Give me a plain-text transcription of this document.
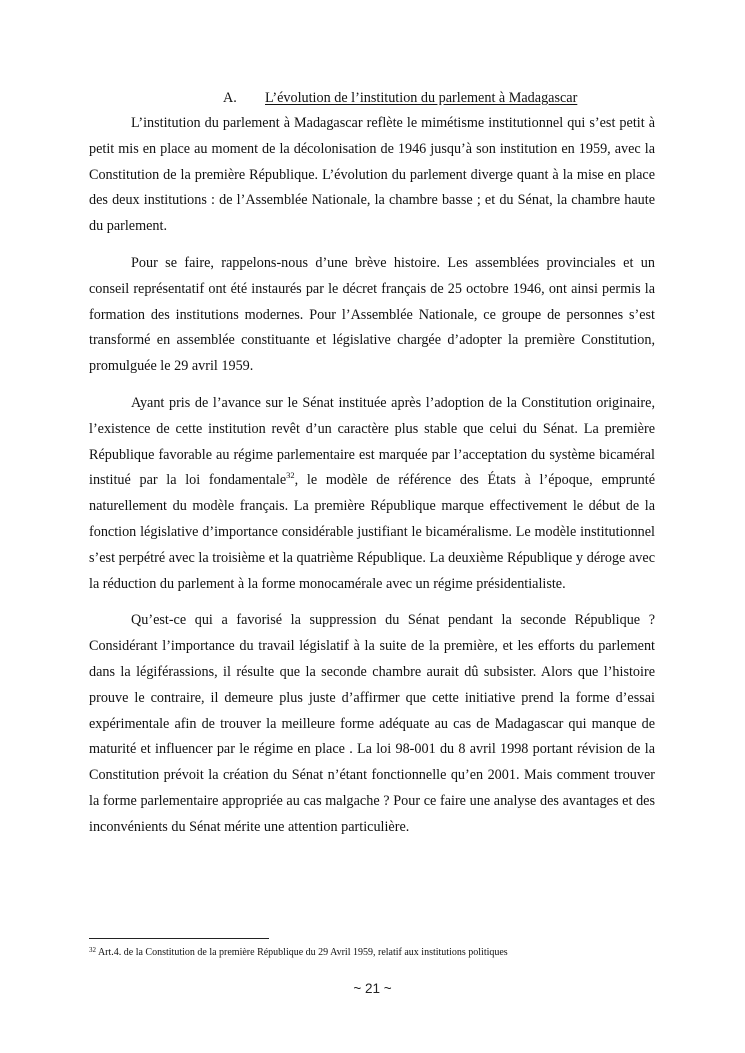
A. L’évolution de l’institution du parlement à Madagascar

L’institution du parlement à Madagascar reflète le mimétisme institutionnel qui s’est petit à petit mis en place au moment de la décolonisation de 1946 jusqu’à son institution en 1959, avec la Constitution de la première République. L’évolution du parlement diverge quant à la mise en place des deux institutions : de l’Assemblée Nationale, la chambre basse ; et du Sénat, la chambre haute du parlement.

Pour se faire, rappelons-nous d’une brève histoire. Les assemblées provinciales et un conseil représentatif ont été instaurés par le décret français de 25 octobre 1946, ont ainsi permis la formation des institutions modernes. Pour l’Assemblée Nationale, ce groupe de personnes s’est transformé en assemblée constituante et législative chargée d’adopter la première Constitution, promulguée le 29 avril 1959.

Ayant pris de l’avance sur le Sénat instituée après l’adoption de la Constitution originaire, l’existence de cette institution revêt d’un caractère plus stable que celui du Sénat. La première République favorable au régime parlementaire est marquée par l’acceptation du système bicaméral institué par la loi fondamentale$^{32}$, le modèle de référence des États à l’époque, emprunté naturellement du modèle français. La première République marque effectivement le début de la fonction législative d’importance considérable justifiant le bicaméralisme. Le modèle institutionnel s’est perpétré avec la troisième et la quatrième République. La deuxième République y déroge avec la réduction du parlement à la forme monocamérale avec un régime présidentialiste.

Qu’est-ce qui a favorisé la suppression du Sénat pendant la seconde République ? Considérant l’importance du travail législatif à la suite de la première, et les efforts du parlement dans la légiférassions, il résulte que la seconde chambre aurait dû subsister. Alors que l’histoire prouve le contraire, il demeure plus juste d’affirmer que cette initiative prend la forme d’essai expérimentale afin de trouver la meilleure forme adéquate au cas de Madagascar qui manque de maturité et influencer par le régime en place . La loi 98-001 du 8 avril 1998 portant révision de la Constitution prévoit la création du Sénat n’étant fonctionnelle qu’en 2001. Mais comment trouver la forme parlementaire appropriée au cas malgache ? Pour ce faire une analyse des avantages et des inconvénients du Sénat mérite une attention particulière.

$^{32}$ Art.4. de la Constitution de la première République du 29 Avril 1959, relatif aux institutions politiques
~ 21 ~
